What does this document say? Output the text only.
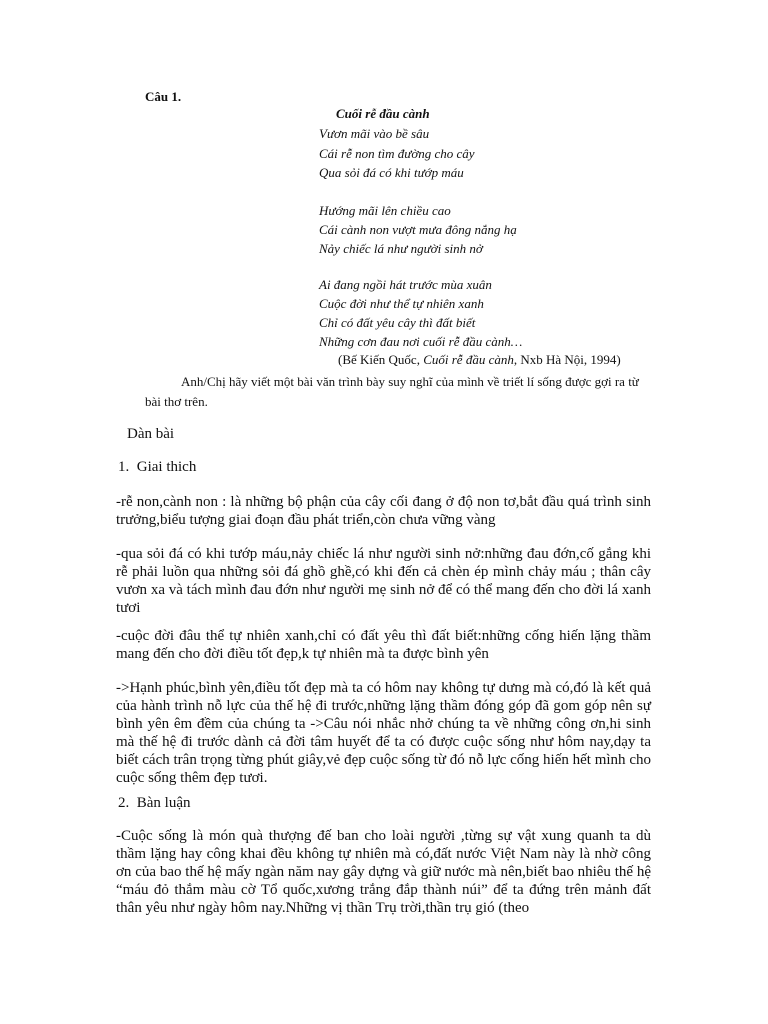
Câu 1.

Cuối rễ đầu cành

Vươn mãi vào bề sâu

Cái rễ non tìm đường cho cây

Qua sỏi đá có khi tướp máu

Hướng mãi lên chiều cao

Cái cành non vượt mưa đông nắng hạ

Nảy chiếc lá như người sinh nở

Ai đang ngồi hát trước mùa xuân

Cuộc đời như thể tự nhiên xanh

Chỉ có đất yêu cây thì đất biết

Những cơn đau nơi cuối rễ đầu cành…

(Bế Kiến Quốc, Cuối rễ đầu cành, Nxb Hà Nội, 1994)

Anh/Chị hãy viết một bài văn trình bày suy nghĩ của mình về triết lí sống được gợi ra từ bài thơ trên.

Dàn bài

1. Giai thich

-rễ non,cành non : là những bộ phận của cây cối đang ở độ non tơ,bắt đầu quá trình sinh trưởng,biểu tượng giai đoạn đầu phát triển,còn chưa vững vàng

-qua sỏi đá có khi tướp máu,nảy chiếc lá như người sinh nở:những đau đớn,cố gắng khi rễ phải luồn qua những sỏi đá ghồ ghề,có khi đến cả chèn ép mình chảy máu ; thân cây vươn xa và tách mình đau đớn như người mẹ sinh nở để có thể mang đến cho đời lá xanh tươi

-cuộc đời đâu thể tự nhiên xanh,chỉ có đất yêu thì đất biết:những cống hiến lặng thầm mang đến cho đời điều tốt đẹp,k tự nhiên mà ta được bình yên

->Hạnh phúc,bình yên,điều tốt đẹp mà ta có hôm nay không tự dưng mà có,đó là kết quả của hành trình nỗ lực của thế hệ đi trước,những lặng thầm đóng góp đã gom góp nên sự bình yên êm đềm của chúng ta ->Câu nói nhắc nhở chúng ta về những công ơn,hi sinh mà thế hệ đi trước dành cả đời tâm huyết để ta có được cuộc sống như hôm nay,dạy ta biết cách trân trọng từng phút giây,vẻ đẹp cuộc sống từ đó nỗ lực cống hiến hết mình cho cuộc sống thêm đẹp tươi.

2. Bàn luận

-Cuộc sống là món quà thượng đế ban cho loài người ,từng sự vật xung quanh ta dù thầm lặng hay công khai đều không tự nhiên mà có,đất nước Việt Nam này là nhờ công ơn của bao thế hệ mấy ngàn năm nay gây dựng và giữ nước mà nên,biết bao nhiêu thế hệ “máu đỏ thắm màu cờ Tổ quốc,xương trắng đắp thành núi” để ta đứng trên mảnh đất thân yêu như ngày hôm nay.Những vị thần Trụ trời,thần trụ gió (theo
